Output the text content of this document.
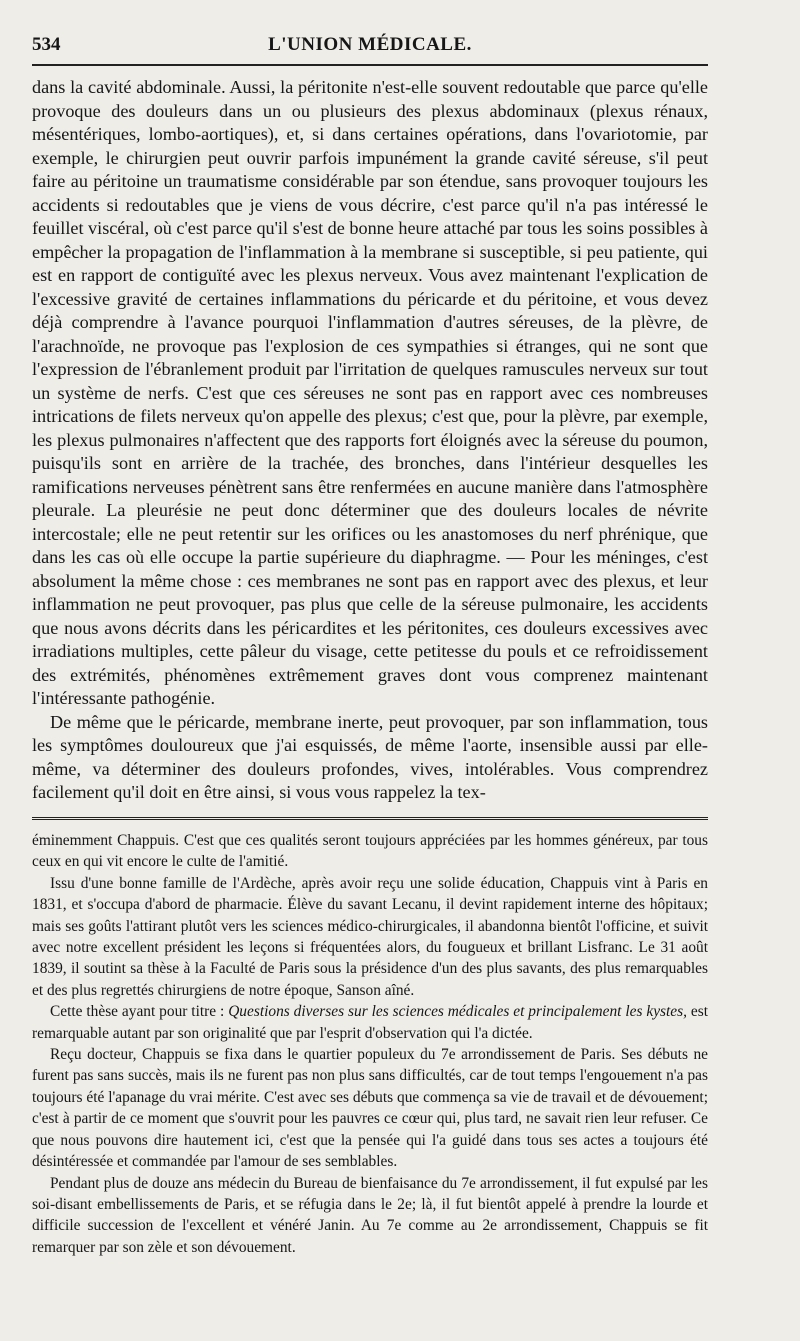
534	L'UNION MÉDICALE.

dans la cavité abdominale. Aussi, la péritonite n'est-elle souvent redoutable que parce qu'elle provoque des douleurs dans un ou plusieurs des plexus abdominaux (plexus rénaux, mésentériques, lombo-aortiques), et, si dans certaines opérations, dans l'ovariotomie, par exemple, le chirurgien peut ouvrir parfois impunément la grande cavité séreuse, s'il peut faire au péritoine un traumatisme considérable par son étendue, sans provoquer toujours les accidents si redoutables que je viens de vous décrire, c'est parce qu'il n'a pas intéressé le feuillet viscéral, où c'est parce qu'il s'est de bonne heure attaché par tous les soins possibles à empêcher la propagation de l'inflammation à la membrane si susceptible, si peu patiente, qui est en rapport de contiguïté avec les plexus nerveux. Vous avez maintenant l'explication de l'excessive gravité de certaines inflammations du péricarde et du péritoine, et vous devez déjà comprendre à l'avance pourquoi l'inflammation d'autres séreuses, de la plèvre, de l'arachnoïde, ne provoque pas l'explosion de ces sympathies si étranges, qui ne sont que l'expression de l'ébranlement produit par l'irritation de quelques ramuscules nerveux sur tout un système de nerfs. C'est que ces séreuses ne sont pas en rapport avec ces nombreuses intrications de filets nerveux qu'on appelle des plexus; c'est que, pour la plèvre, par exemple, les plexus pulmonaires n'affectent que des rapports fort éloignés avec la séreuse du poumon, puisqu'ils sont en arrière de la trachée, des bronches, dans l'intérieur desquelles les ramifications nerveuses pénètrent sans être renfermées en aucune manière dans l'atmosphère pleurale. La pleurésie ne peut donc déterminer que des douleurs locales de névrite intercostale; elle ne peut retentir sur les orifices ou les anastomoses du nerf phrénique, que dans les cas où elle occupe la partie supérieure du diaphragme. — Pour les méninges, c'est absolument la même chose : ces membranes ne sont pas en rapport avec des plexus, et leur inflammation ne peut provoquer, pas plus que celle de la séreuse pulmonaire, les accidents que nous avons décrits dans les péricardites et les péritonites, ces douleurs excessives avec irradiations multiples, cette pâleur du visage, cette petitesse du pouls et ce refroidissement des extrémités, phénomènes extrêmement graves dont vous comprenez maintenant l'intéressante pathogénie.

De même que le péricarde, membrane inerte, peut provoquer, par son inflammation, tous les symptômes douloureux que j'ai esquissés, de même l'aorte, insensible aussi par elle-même, va déterminer des douleurs profondes, vives, intolérables. Vous comprendrez facilement qu'il doit en être ainsi, si vous vous rappelez la tex-

éminemment Chappuis. C'est que ces qualités seront toujours appréciées par les hommes généreux, par tous ceux en qui vit encore le culte de l'amitié.

Issu d'une bonne famille de l'Ardèche, après avoir reçu une solide éducation, Chappuis vint à Paris en 1831, et s'occupa d'abord de pharmacie. Élève du savant Lecanu, il devint rapidement interne des hôpitaux; mais ses goûts l'attirant plutôt vers les sciences médico-chirurgicales, il abandonna bientôt l'officine, et suivit avec notre excellent président les leçons si fréquentées alors, du fougueux et brillant Lisfranc. Le 31 août 1839, il soutint sa thèse à la Faculté de Paris sous la présidence d'un des plus savants, des plus remarquables et des plus regrettés chirurgiens de notre époque, Sanson aîné.

Cette thèse ayant pour titre : Questions diverses sur les sciences médicales et principalement les kystes, est remarquable autant par son originalité que par l'esprit d'observation qui l'a dictée.

Reçu docteur, Chappuis se fixa dans le quartier populeux du 7e arrondissement de Paris. Ses débuts ne furent pas sans succès, mais ils ne furent pas non plus sans difficultés, car de tout temps l'engouement n'a pas toujours été l'apanage du vrai mérite. C'est avec ses débuts que commença sa vie de travail et de dévouement; c'est à partir de ce moment que s'ouvrit pour les pauvres ce cœur qui, plus tard, ne savait rien leur refuser. Ce que nous pouvons dire hautement ici, c'est que la pensée qui l'a guidé dans tous ses actes a toujours été désintéressée et commandée par l'amour de ses semblables.

Pendant plus de douze ans médecin du Bureau de bienfaisance du 7e arrondissement, il fut expulsé par les soi-disant embellissements de Paris, et se réfugia dans le 2e; là, il fut bientôt appelé à prendre la lourde et difficile succession de l'excellent et vénéré Janin. Au 7e comme au 2e arrondissement, Chappuis se fit remarquer par son zèle et son dévouement.
